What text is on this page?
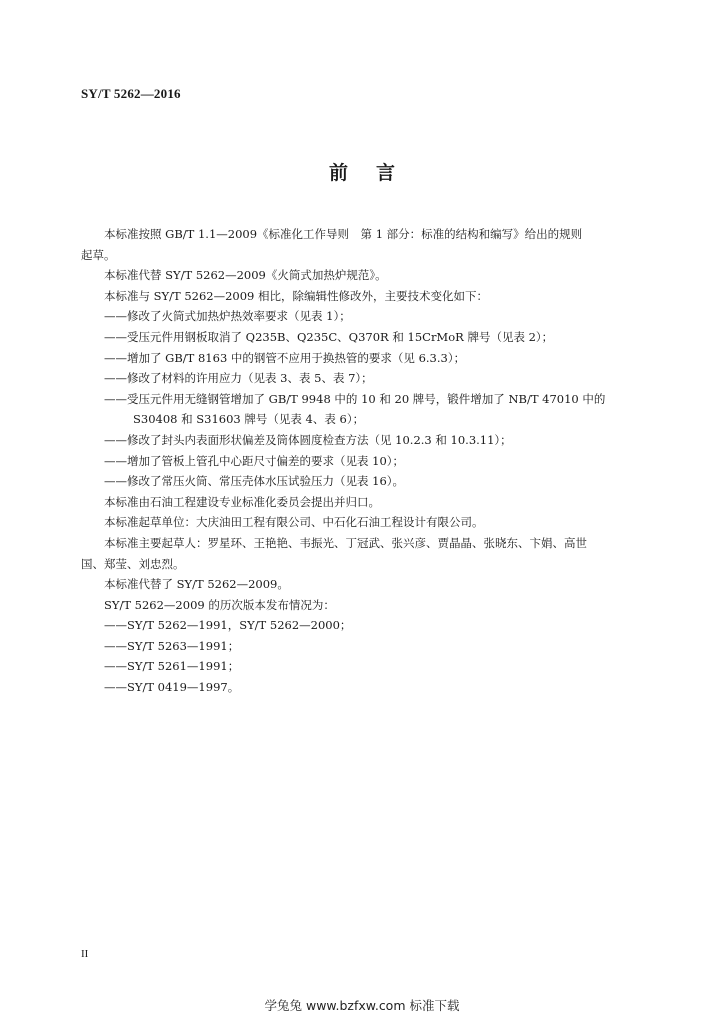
SY/T 5262—2016
前言

本标准按照 GB/T 1.1—2009《标准化工作导则　第 1 部分：标准的结构和编写》给出的规则

起草。

本标准代替 SY/T 5262—2009《火筒式加热炉规范》。

本标准与 SY/T 5262—2009 相比，除编辑性修改外，主要技术变化如下：

——修改了火筒式加热炉热效率要求（见表 1）；

——受压元件用钢板取消了 Q235B、Q235C、Q370R 和 15CrMoR 牌号（见表 2）；

——增加了 GB/T 8163 中的钢管不应用于换热管的要求（见 6.3.3）；

——修改了材料的许用应力（见表 3、表 5、表 7）；

——受压元件用无缝钢管增加了 GB/T 9948 中的 10 和 20 牌号，锻件增加了 NB/T 47010 中的

S30408 和 S31603 牌号（见表 4、表 6）；

——修改了封头内表面形状偏差及筒体圆度检查方法（见 10.2.3 和 10.3.11）；

——增加了管板上管孔中心距尺寸偏差的要求（见表 10）；

——修改了常压火筒、常压壳体水压试验压力（见表 16）。

本标准由石油工程建设专业标准化委员会提出并归口。

本标准起草单位：大庆油田工程有限公司、中石化石油工程设计有限公司。

本标准主要起草人：罗星环、王艳艳、韦振光、丁冠武、张兴彦、贾晶晶、张晓东、卞娟、高世

国、郑莹、刘忠烈。

本标准代替了 SY/T 5262—2009。

SY/T 5262—2009 的历次版本发布情况为：

——SY/T 5262—1991，SY/T 5262—2000；

——SY/T 5263—1991；

——SY/T 5261—1991；

——SY/T 0419—1997。

II
学兔兔 www.bzfxw.com 标准下载
